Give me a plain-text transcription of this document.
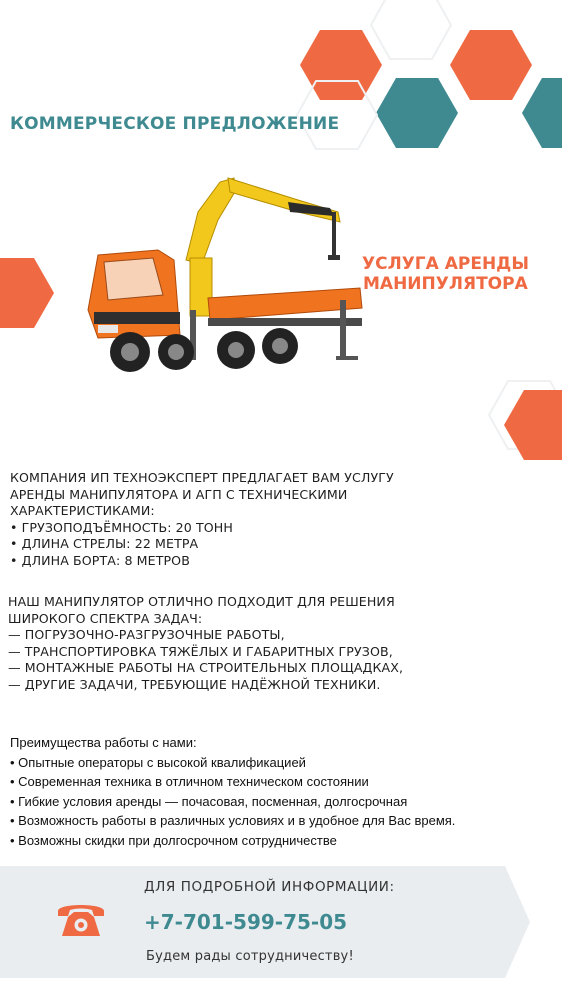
КОММЕРЧЕСКОЕ ПРЕДЛОЖЕНИЕ
УСЛУГА АРЕНДЫ
МАНИПУЛЯТОРА
КОМПАНИЯ ИП ТЕХНОЭКСПЕРТ ПРЕДЛАГАЕТ ВАМ УСЛУГУ
АРЕНДЫ МАНИПУЛЯТОРА И АГП С ТЕХНИЧЕСКИМИ
ХАРАКТЕРИСТИКАМИ:
• ГРУЗОПОДЪЁМНОСТЬ: 20 ТОНН
• ДЛИНА СТРЕЛЫ: 22 МЕТРА
• ДЛИНА БОРТА: 8 МЕТРОВ
НАШ МАНИПУЛЯТОР ОТЛИЧНО ПОДХОДИТ ДЛЯ РЕШЕНИЯ
ШИРОКОГО СПЕКТРА ЗАДАЧ:
— ПОГРУЗОЧНО-РАЗГРУЗОЧНЫЕ РАБОТЫ,
— ТРАНСПОРТИРОВКА ТЯЖЁЛЫХ И ГАБАРИТНЫХ ГРУЗОВ,
— МОНТАЖНЫЕ РАБОТЫ НА СТРОИТЕЛЬНЫХ ПЛОЩАДКАХ,
— ДРУГИЕ ЗАДАЧИ, ТРЕБУЮЩИЕ НАДЁЖНОЙ ТЕХНИКИ.
Преимущества работы с нами:
• Опытные операторы с высокой квалификацией
• Современная техника в отличном техническом состоянии
• Гибкие условия аренды — почасовая, посменная, долгосрочная
• Возможность работы в различных условиях и в удобное для Вас время.
• Возможны скидки при долгосрочном сотрудничестве
ДЛЯ ПОДРОБНОЙ ИНФОРМАЦИИ:
+7-701-599-75-05
Будем рады сотрудничеству!
